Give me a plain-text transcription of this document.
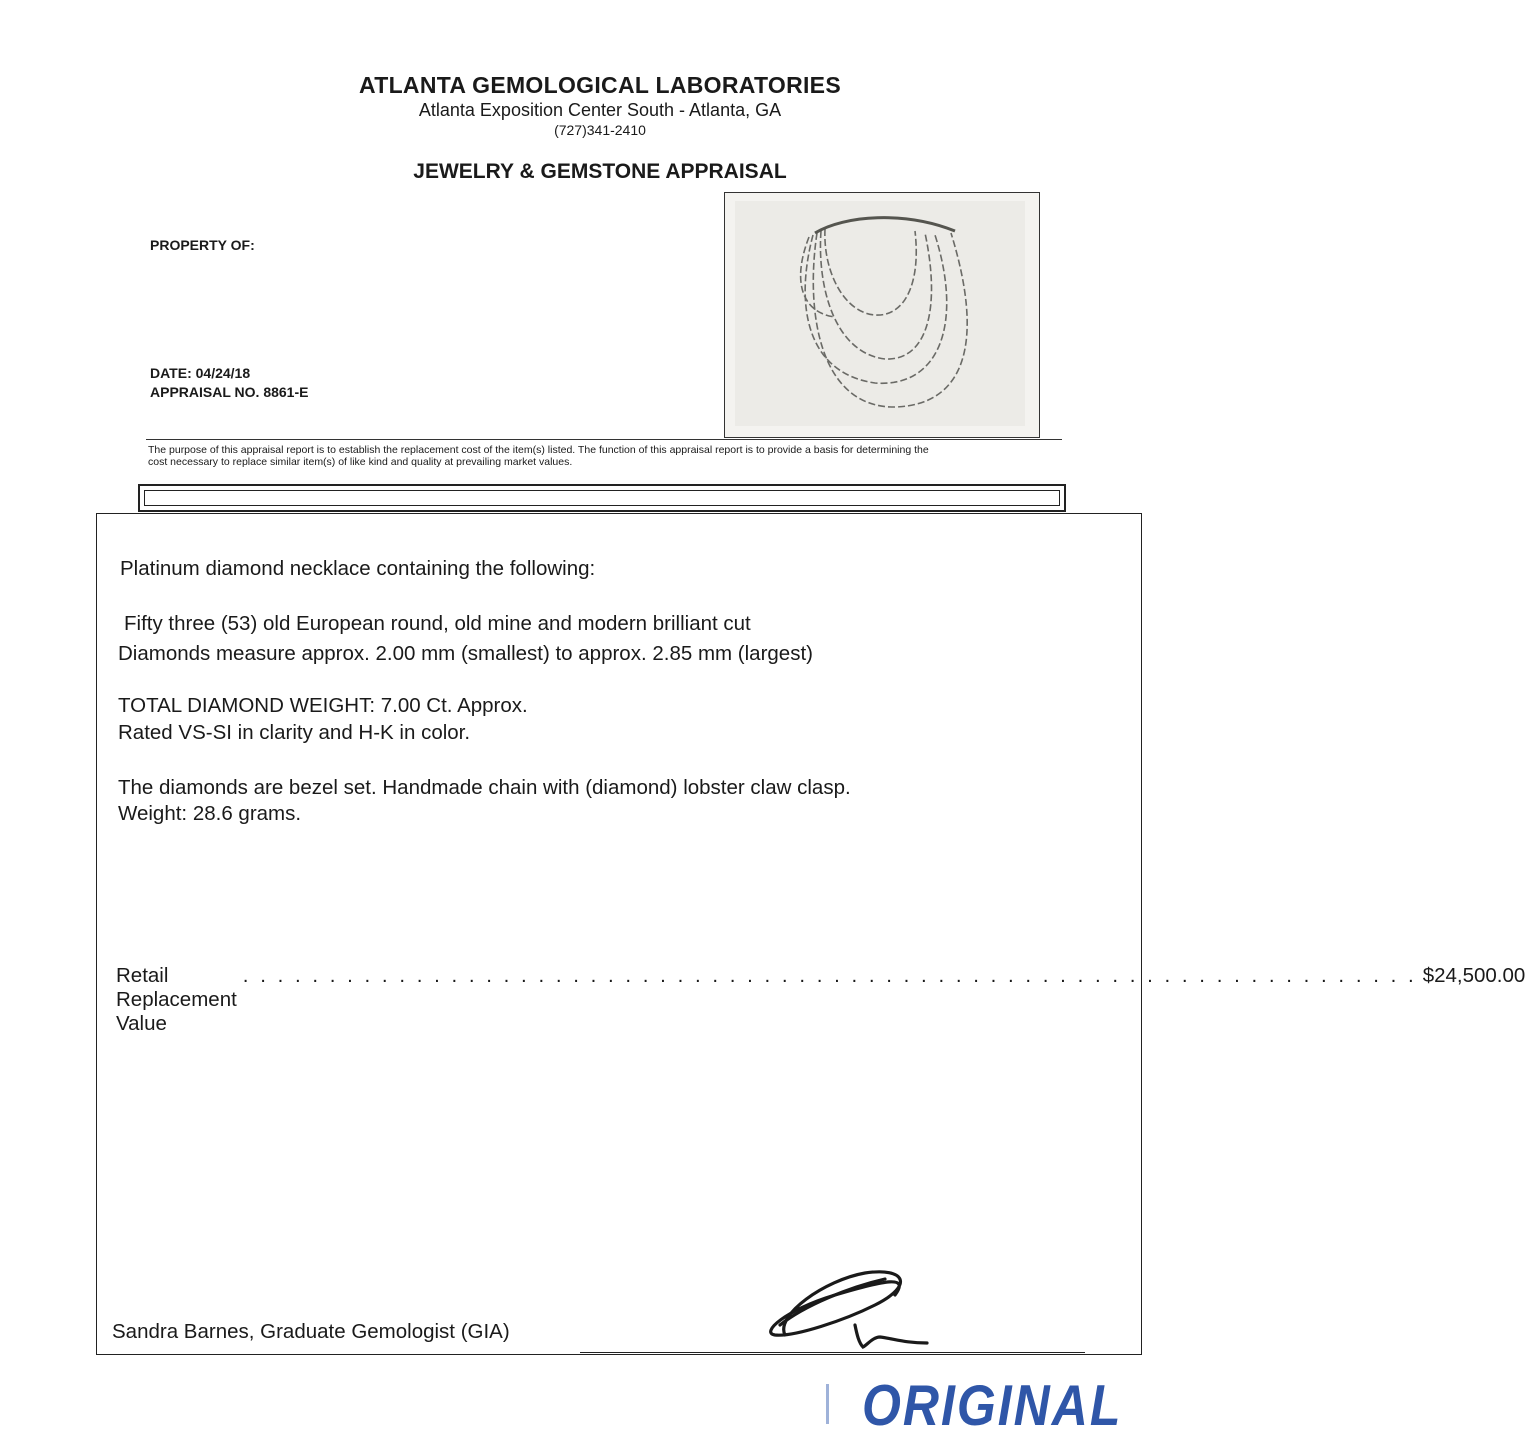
ATLANTA GEMOLOGICAL LABORATORIES
Atlanta Exposition Center South - Atlanta, GA
(727)341-2410
JEWELRY & GEMSTONE APPRAISAL
PROPERTY OF:
DATE: 04/24/18
APPRAISAL NO. 8861-E
The purpose of this appraisal report is to establish the replacement cost of the item(s) listed. The function of this appraisal report is to provide a basis for determining the
cost necessary to replace similar item(s) of like kind and quality at prevailing market values.
Platinum diamond necklace containing the following:
Fifty three (53) old European round, old mine and modern brilliant cut
Diamonds measure approx. 2.00 mm (smallest) to approx. 2.85 mm (largest)
TOTAL DIAMOND WEIGHT: 7.00 Ct. Approx.
Rated VS-SI in clarity and H-K in color.
The diamonds are bezel set. Handmade chain with (diamond) lobster claw clasp.
Weight: 28.6 grams.
Retail Replacement Value
. . . . . . . . . . . . . . . . . . . . . . . . . . . . . . . . . . . . . . . . . . . . . . . . . . . . . . . . . . . . . . . . . . . . $24,500.00
Sandra Barnes, Graduate Gemologist (GIA)
ORIGINAL
